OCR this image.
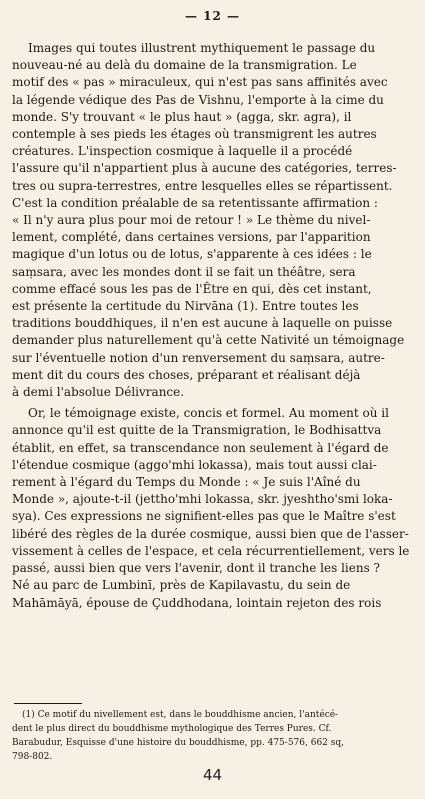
— 12 —
Images qui toutes illustrent mythiquement le passage du
nouveau-né au delà du domaine de la transmigration. Le
motif des « pas » miraculeux, qui n'est pas sans affinités avec
la légende védique des Pas de Vishnu, l'emporte à la cime du
monde. S'y trouvant « le plus haut » (agga, skr. agra), il
contemple à ses pieds les étages où transmigrent les autres
créatures. L'inspection cosmique à laquelle il a procédé
l'assure qu'il n'appartient plus à aucune des catégories, terres-
tres ou supra-terrestres, entre lesquelles elles se répartissent.
C'est la condition préalable de sa retentissante affirmation :
« Il n'y aura plus pour moi de retour ! » Le thème du nivel-
lement, complété, dans certaines versions, par l'apparition
magique d'un lotus ou de lotus, s'apparente à ces idées : le
saṃsara, avec les mondes dont il se fait un théâtre, sera
comme effacé sous les pas de l'Être en qui, dès cet instant,
est présente la certitude du Nirvāna (1). Entre toutes les
traditions bouddhiques, il n'en est aucune à laquelle on puisse
demander plus naturellement qu'à cette Nativité un témoignage
sur l'éventuelle notion d'un renversement du saṃsara, autre-
ment dit du cours des choses, préparant et réalisant déjà
à demi l'absolue Délivrance.
Or, le témoignage existe, concis et formel. Au moment où il
annonce qu'il est quitte de la Transmigration, le Bodhisattva
établit, en effet, sa transcendance non seulement à l'égard de
l'étendue cosmique (aggo'mhi lokassa), mais tout aussi clai-
rement à l'égard du Temps du Monde : « Je suis l'Aîné du
Monde », ajoute-t-il (jettho'mhi lokassa, skr. jyeshtho'smi loka-
sya). Ces expressions ne signifient-elles pas que le Maître s'est
libéré des règles de la durée cosmique, aussi bien que de l'asser-
vissement à celles de l'espace, et cela récurrentiellement, vers le
passé, aussi bien que vers l'avenir, dont il tranche les liens ?
Né au parc de Lumbinī, près de Kapilavastu, du sein de
Mahāmāyā, épouse de Çuddhodana, lointain rejeton des rois
(1) Ce motif du nivellement est, dans le bouddhisme ancien, l'antécé-
dent le plus direct du bouddhisme mythologique des Terres Pures. Cf.
Barabudur, Esquisse d'une histoire du bouddhisme, pp. 475-576, 662 sq,
798-802.
44
